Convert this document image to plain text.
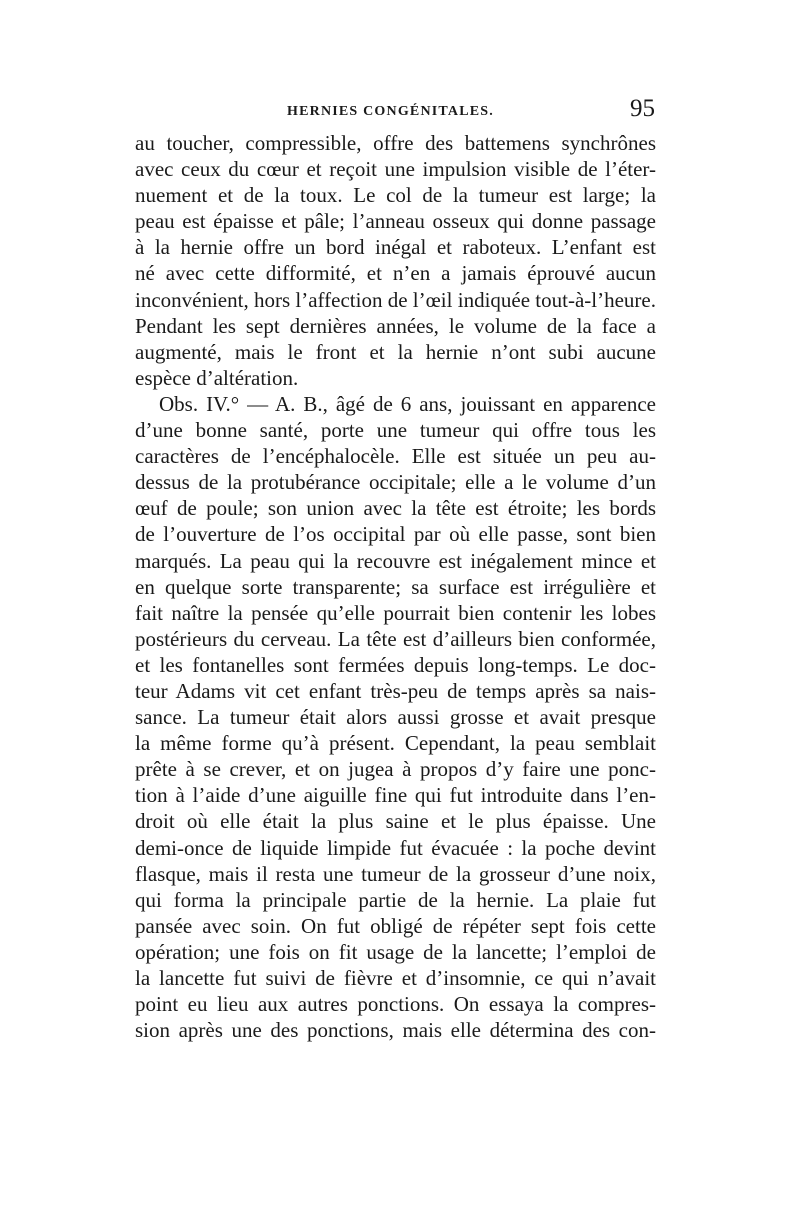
HERNIES CONGÉNITALES.	95
au toucher, compressible, offre des battemens synchrônes
avec ceux du cœur et reçoit une impulsion visible de l’éter-
nuement et de la toux. Le col de la tumeur est large; la
peau est épaisse et pâle; l’anneau osseux qui donne passage
à la hernie offre un bord inégal et raboteux. L’enfant est
né avec cette difformité, et n’en a jamais éprouvé aucun
inconvénient, hors l’affection de l’œil indiquée tout-à-l’heure.
Pendant les sept dernières années, le volume de la face a
augmenté, mais le front et la hernie n’ont subi aucune
espèce d’altération.
Obs. IV.° — A. B., âgé de 6 ans, jouissant en apparence
d’une bonne santé, porte une tumeur qui offre tous les
caractères de l’encéphalocèle. Elle est située un peu au-
dessus de la protubérance occipitale; elle a le volume d’un
œuf de poule; son union avec la tête est étroite; les bords
de l’ouverture de l’os occipital par où elle passe, sont bien
marqués. La peau qui la recouvre est inégalement mince et
en quelque sorte transparente; sa surface est irrégulière et
fait naître la pensée qu’elle pourrait bien contenir les lobes
postérieurs du cerveau. La tête est d’ailleurs bien conformée,
et les fontanelles sont fermées depuis long-temps. Le doc-
teur Adams vit cet enfant très-peu de temps après sa nais-
sance. La tumeur était alors aussi grosse et avait presque
la même forme qu’à présent. Cependant, la peau semblait
prête à se crever, et on jugea à propos d’y faire une ponc-
tion à l’aide d’une aiguille fine qui fut introduite dans l’en-
droit où elle était la plus saine et le plus épaisse. Une
demi-once de liquide limpide fut évacuée : la poche devint
flasque, mais il resta une tumeur de la grosseur d’une noix,
qui forma la principale partie de la hernie. La plaie fut
pansée avec soin. On fut obligé de répéter sept fois cette
opération; une fois on fit usage de la lancette; l’emploi de
la lancette fut suivi de fièvre et d’insomnie, ce qui n’avait
point eu lieu aux autres ponctions. On essaya la compres-
sion après une des ponctions, mais elle détermina des con-
